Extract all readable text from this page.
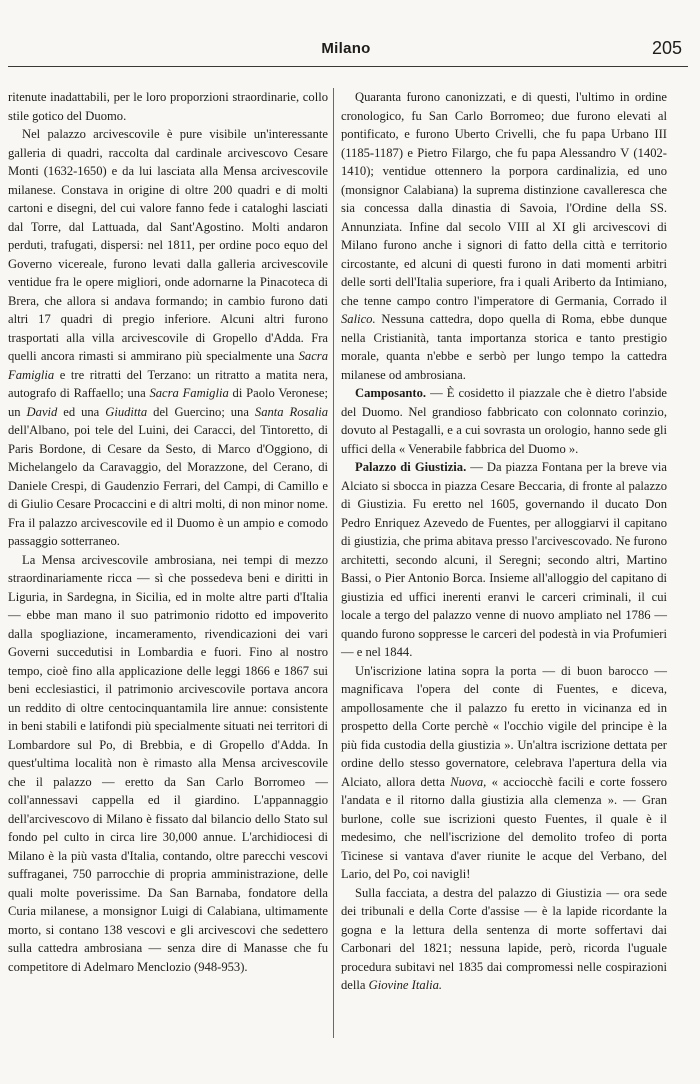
Milano	205

ritenute inadattabili, per le loro proporzioni straordinarie, collo stile gotico del Duomo.

Nel palazzo arcivescovile è pure visibile un'interessante galleria di quadri, raccolta dal cardinale arcivescovo Cesare Monti (1632-1650) e da lui lasciata alla Mensa arcivescovile milanese. Constava in origine di oltre 200 quadri e di molti cartoni e disegni, del cui valore fanno fede i cataloghi lasciati dal Torre, dal Lattuada, dal Sant'Agostino. Molti andaron perduti, trafugati, dispersi: nel 1811, per ordine poco equo del Governo vicereale, furono levati dalla galleria arcivescovile ventidue fra le opere migliori, onde adornarne la Pinacoteca di Brera, che allora si andava formando; in cambio furono dati altri 17 quadri di pregio inferiore. Alcuni altri furono trasportati alla villa arcivescovile di Gropello d'Adda. Fra quelli ancora rimasti si ammirano più specialmente una Sacra Famiglia e tre ritratti del Terzano: un ritratto a matita nera, autografo di Raffaello; una Sacra Famiglia di Paolo Veronese; un David ed una Giuditta del Guercino; una Santa Rosalia dell'Albano, poi tele del Luini, dei Caracci, del Tintoretto, di Paris Bordone, di Cesare da Sesto, di Marco d'Oggiono, di Michelangelo da Caravaggio, del Morazzone, del Cerano, di Daniele Crespi, di Gaudenzio Ferrari, del Campi, di Camillo e di Giulio Cesare Procaccini e di altri molti, di non minor nome. Fra il palazzo arcivescovile ed il Duomo è un ampio e comodo passaggio sotterraneo.

La Mensa arcivescovile ambrosiana, nei tempi di mezzo straordinariamente ricca — sì che possedeva beni e diritti in Liguria, in Sardegna, in Sicilia, ed in molte altre parti d'Italia — ebbe man mano il suo patrimonio ridotto ed impoverito dalla spogliazione, incameramento, rivendicazioni dei vari Governi succedutisi in Lombardia e fuori. Fino al nostro tempo, cioè fino alla applicazione delle leggi 1866 e 1867 sui beni ecclesiastici, il patrimonio arcivescovile portava ancora un reddito di oltre centocinquantamila lire annue: consistente in beni stabili e latifondi più specialmente situati nei territori di Lombardore sul Po, di Brebbia, e di Gropello d'Adda. In quest'ultima località non è rimasto alla Mensa arcivescovile che il palazzo — eretto da San Carlo Borromeo — coll'annessavi cappella ed il giardino. L'appannaggio dell'arcivescovo di Milano è fissato dal bilancio dello Stato sul fondo pel culto in circa lire 30,000 annue. L'archidiocesi di Milano è la più vasta d'Italia, contando, oltre parecchi vescovi suffraganei, 750 parrocchie di propria amministrazione, delle quali molte poverissime. Da San Barnaba, fondatore della Curia milanese, a monsignor Luigi di Calabiana, ultimamente morto, si contano 138 vescovi e gli arcivescovi che sedettero sulla cattedra ambrosiana — senza dire di Manasse che fu competitore di Adelmaro Menclozio (948-953).

Quaranta furono canonizzati, e di questi, l'ultimo in ordine cronologico, fu San Carlo Borromeo; due furono elevati al pontificato, e furono Uberto Crivelli, che fu papa Urbano III (1185-1187) e Pietro Filargo, che fu papa Alessandro V (1402-1410); ventidue ottennero la porpora cardinalizia, ed uno (monsignor Calabiana) la suprema distinzione cavalleresca che sia concessa dalla dinastia di Savoia, l'Ordine della SS. Annunziata. Infine dal secolo VIII al XI gli arcivescovi di Milano furono anche i signori di fatto della città e territorio circostante, ed alcuni di questi furono in dati momenti arbitri delle sorti dell'Italia superiore, fra i quali Ariberto da Intimiano, che tenne campo contro l'imperatore di Germania, Corrado il Salico. Nessuna cattedra, dopo quella di Roma, ebbe dunque nella Cristianità, tanta importanza storica e tanto prestigio morale, quanta n'ebbe e serbò per lungo tempo la cattedra milanese od ambrosiana.

Camposanto. — È cosidetto il piazzale che è dietro l'abside del Duomo. Nel grandioso fabbricato con colonnato corinzio, dovuto al Pestagalli, e a cui sovrasta un orologio, hanno sede gli uffici della « Venerabile fabbrica del Duomo ».

Palazzo di Giustizia. — Da piazza Fontana per la breve via Alciato si sbocca in piazza Cesare Beccaria, di fronte al palazzo di Giustizia. Fu eretto nel 1605, governando il ducato Don Pedro Enriquez Azevedo de Fuentes, per alloggiarvi il capitano di giustizia, che prima abitava presso l'arcivescovado. Ne furono architetti, secondo alcuni, il Seregni; secondo altri, Martino Bassi, o Pier Antonio Borca. Insieme all'alloggio del capitano di giustizia ed uffici inerenti eranvi le carceri criminali, il cui locale a tergo del palazzo venne di nuovo ampliato nel 1786 — quando furono soppresse le carceri del podestà in via Profumieri — e nel 1844.

Un'iscrizione latina sopra la porta — di buon barocco — magnificava l'opera del conte di Fuentes, e diceva, ampollosamente che il palazzo fu eretto in vicinanza ed in prospetto della Corte perchè « l'occhio vigile del principe è la più fida custodia della giustizia ». Un'altra iscrizione dettata per ordine dello stesso governatore, celebrava l'apertura della via Alciato, allora detta Nuova, « acciocchè facili e corte fossero l'andata e il ritorno dalla giustizia alla clemenza ». — Gran burlone, colle sue iscrizioni questo Fuentes, il quale è il medesimo, che nell'iscrizione del demolito trofeo di porta Ticinese si vantava d'aver riunite le acque del Verbano, del Lario, del Po, coi navigli!

Sulla facciata, a destra del palazzo di Giustizia — ora sede dei tribunali e della Corte d'assise — è la lapide ricordante la gogna e la lettura della sentenza di morte soffertavi dai Carbonari del 1821; nessuna lapide, però, ricorda l'uguale procedura subitavi nel 1835 dai compromessi nelle cospirazioni della Giovine Italia.
